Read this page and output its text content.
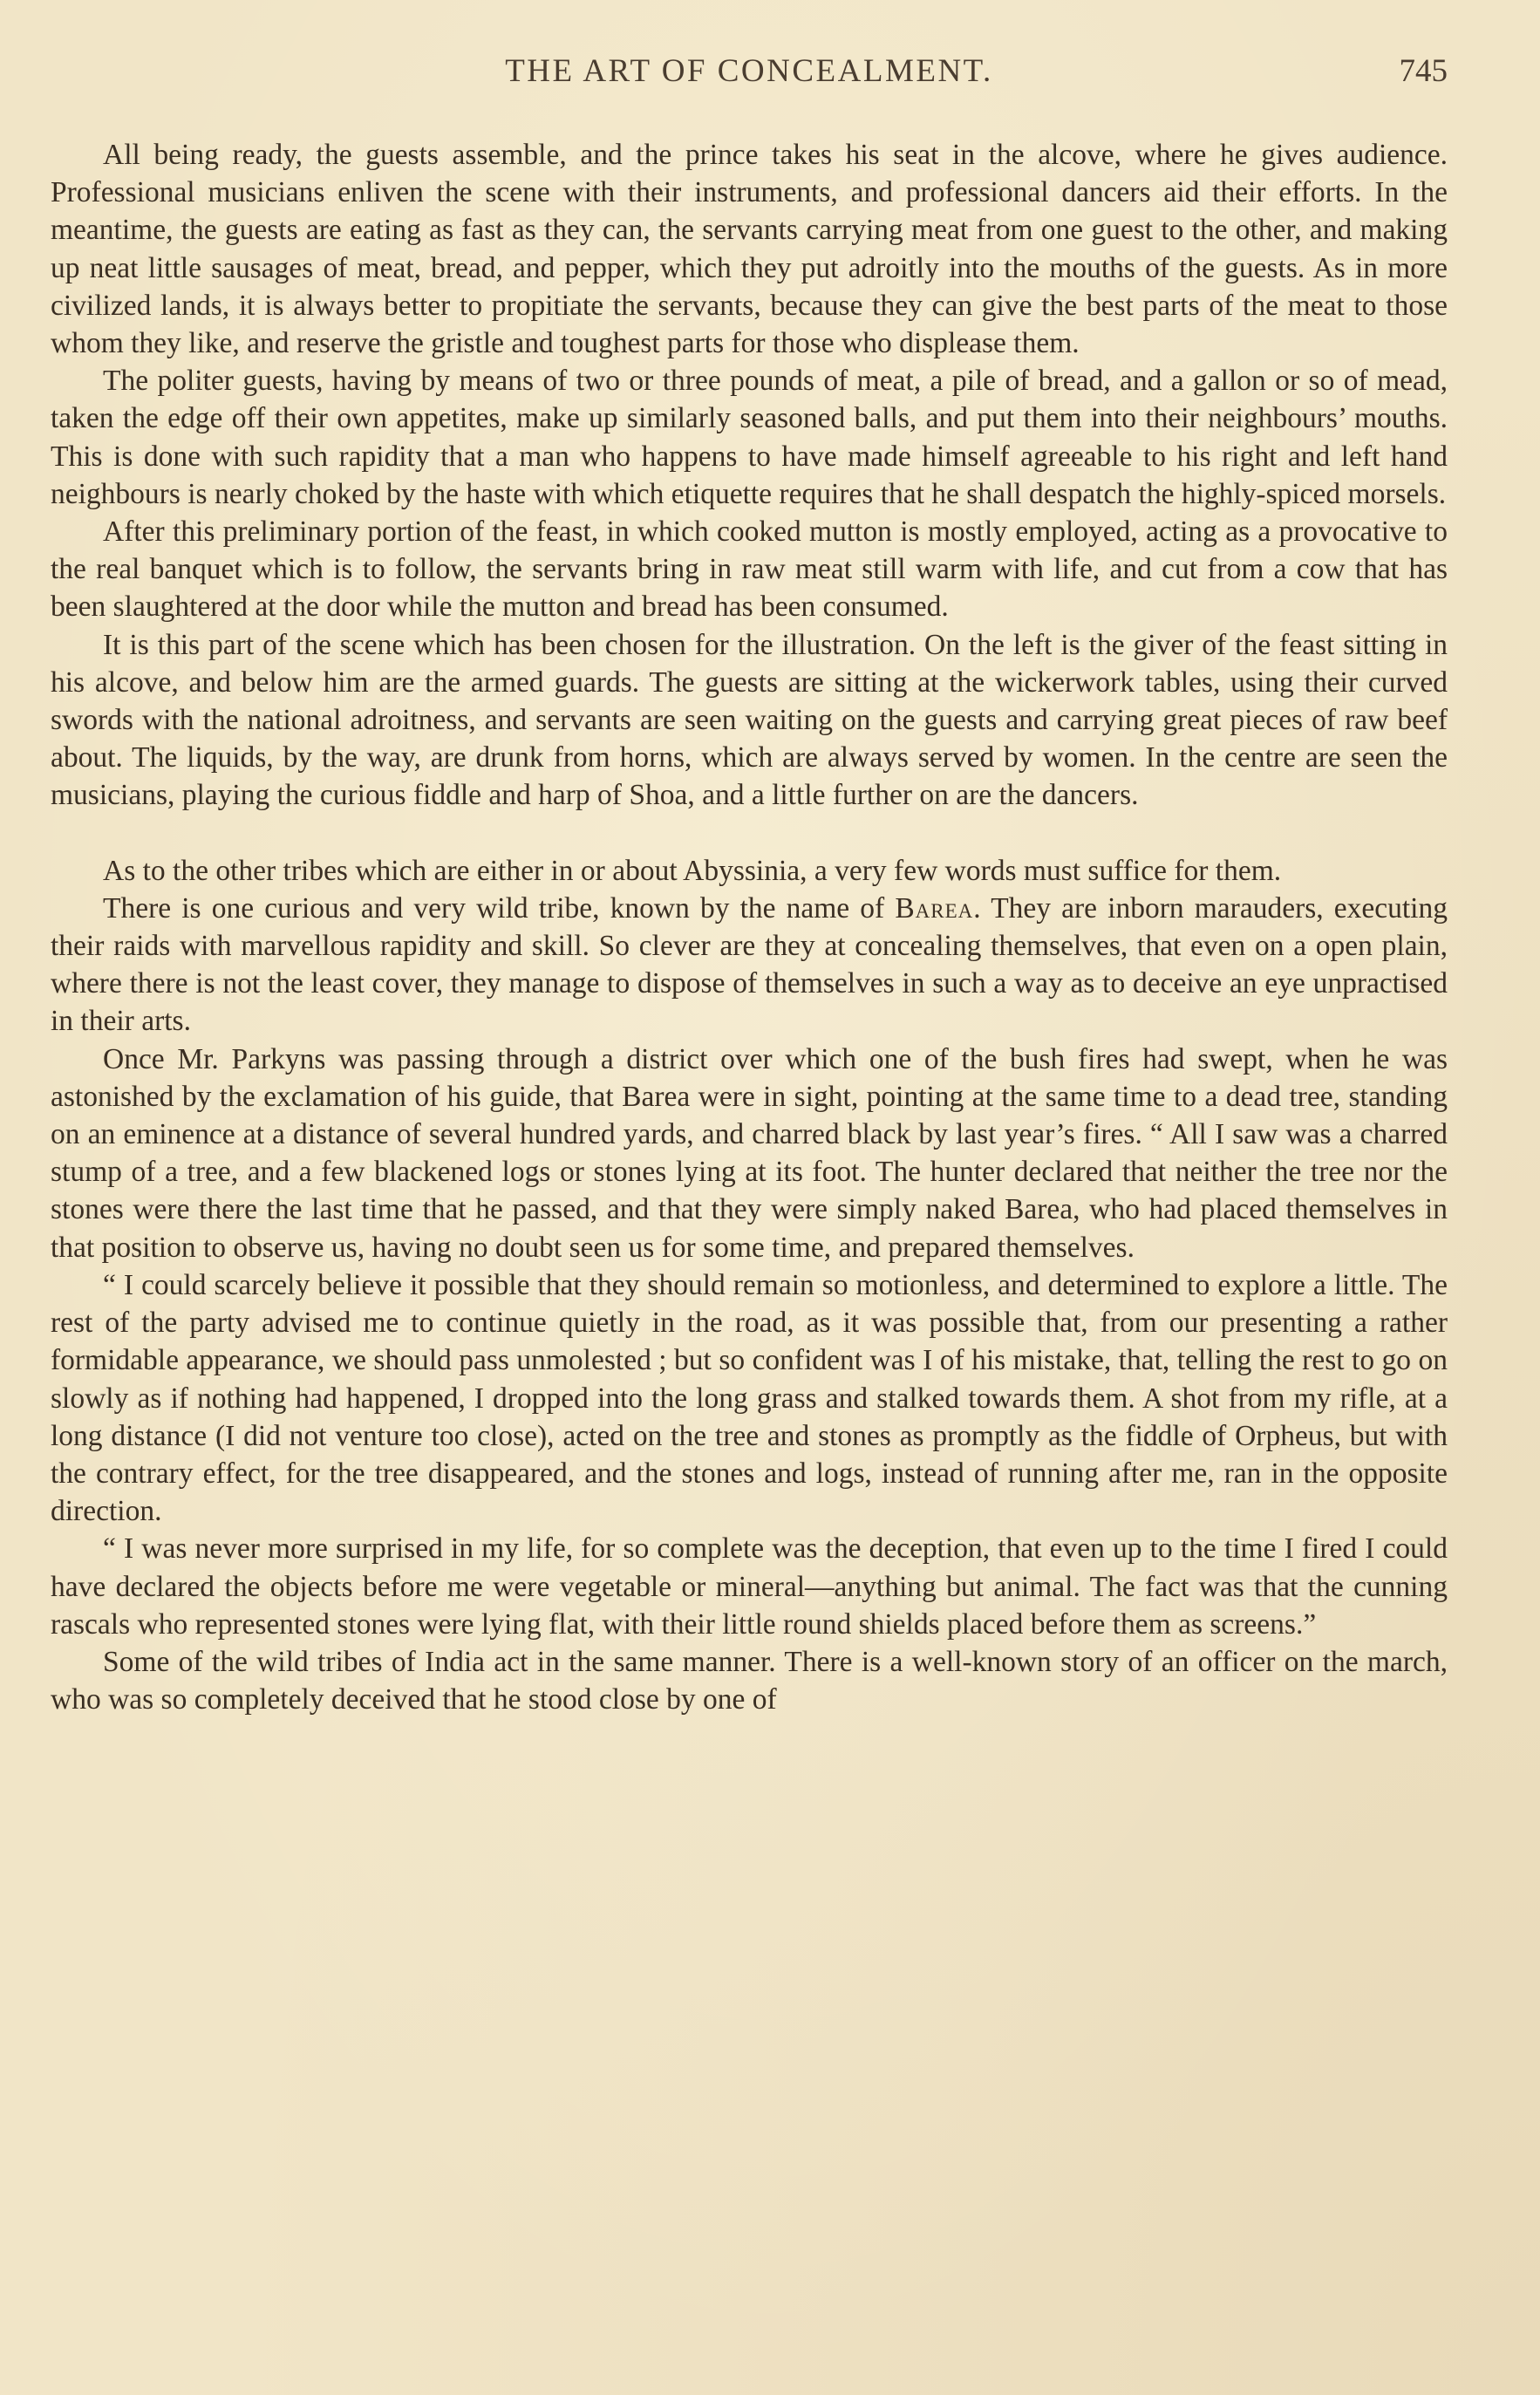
THE ART OF CONCEALMENT.	745

All being ready, the guests assemble, and the prince takes his seat in the alcove, where he gives audience. Professional musicians enliven the scene with their instruments, and professional dancers aid their efforts. In the meantime, the guests are eating as fast as they can, the servants carrying meat from one guest to the other, and making up neat little sausages of meat, bread, and pepper, which they put adroitly into the mouths of the guests. As in more civilized lands, it is always better to propitiate the servants, because they can give the best parts of the meat to those whom they like, and reserve the gristle and toughest parts for those who displease them.

The politer guests, having by means of two or three pounds of meat, a pile of bread, and a gallon or so of mead, taken the edge off their own appetites, make up similarly seasoned balls, and put them into their neighbours’ mouths. This is done with such rapidity that a man who happens to have made himself agreeable to his right and left hand neighbours is nearly choked by the haste with which etiquette requires that he shall despatch the highly-spiced morsels.

After this preliminary portion of the feast, in which cooked mutton is mostly employed, acting as a provocative to the real banquet which is to follow, the servants bring in raw meat still warm with life, and cut from a cow that has been slaughtered at the door while the mutton and bread has been consumed.

It is this part of the scene which has been chosen for the illustration. On the left is the giver of the feast sitting in his alcove, and below him are the armed guards. The guests are sitting at the wickerwork tables, using their curved swords with the national adroitness, and servants are seen waiting on the guests and carrying great pieces of raw beef about. The liquids, by the way, are drunk from horns, which are always served by women. In the centre are seen the musicians, playing the curious fiddle and harp of Shoa, and a little further on are the dancers.

As to the other tribes which are either in or about Abyssinia, a very few words must suffice for them.

There is one curious and very wild tribe, known by the name of Barea. They are inborn marauders, executing their raids with marvellous rapidity and skill. So clever are they at concealing themselves, that even on a open plain, where there is not the least cover, they manage to dispose of themselves in such a way as to deceive an eye unpractised in their arts.

Once Mr. Parkyns was passing through a district over which one of the bush fires had swept, when he was astonished by the exclamation of his guide, that Barea were in sight, pointing at the same time to a dead tree, standing on an eminence at a distance of several hundred yards, and charred black by last year’s fires. “ All I saw was a charred stump of a tree, and a few blackened logs or stones lying at its foot. The hunter declared that neither the tree nor the stones were there the last time that he passed, and that they were simply naked Barea, who had placed themselves in that position to observe us, having no doubt seen us for some time, and prepared themselves.

“ I could scarcely believe it possible that they should remain so motionless, and determined to explore a little. The rest of the party advised me to continue quietly in the road, as it was possible that, from our presenting a rather formidable appearance, we should pass unmolested ; but so confident was I of his mistake, that, telling the rest to go on slowly as if nothing had happened, I dropped into the long grass and stalked towards them. A shot from my rifle, at a long distance (I did not venture too close), acted on the tree and stones as promptly as the fiddle of Orpheus, but with the contrary effect, for the tree disappeared, and the stones and logs, instead of running after me, ran in the opposite direction.

“ I was never more surprised in my life, for so complete was the deception, that even up to the time I fired I could have declared the objects before me were vegetable or mineral—anything but animal. The fact was that the cunning rascals who represented stones were lying flat, with their little round shields placed before them as screens.”

Some of the wild tribes of India act in the same manner. There is a well-known story of an officer on the march, who was so completely deceived that he stood close by one of
